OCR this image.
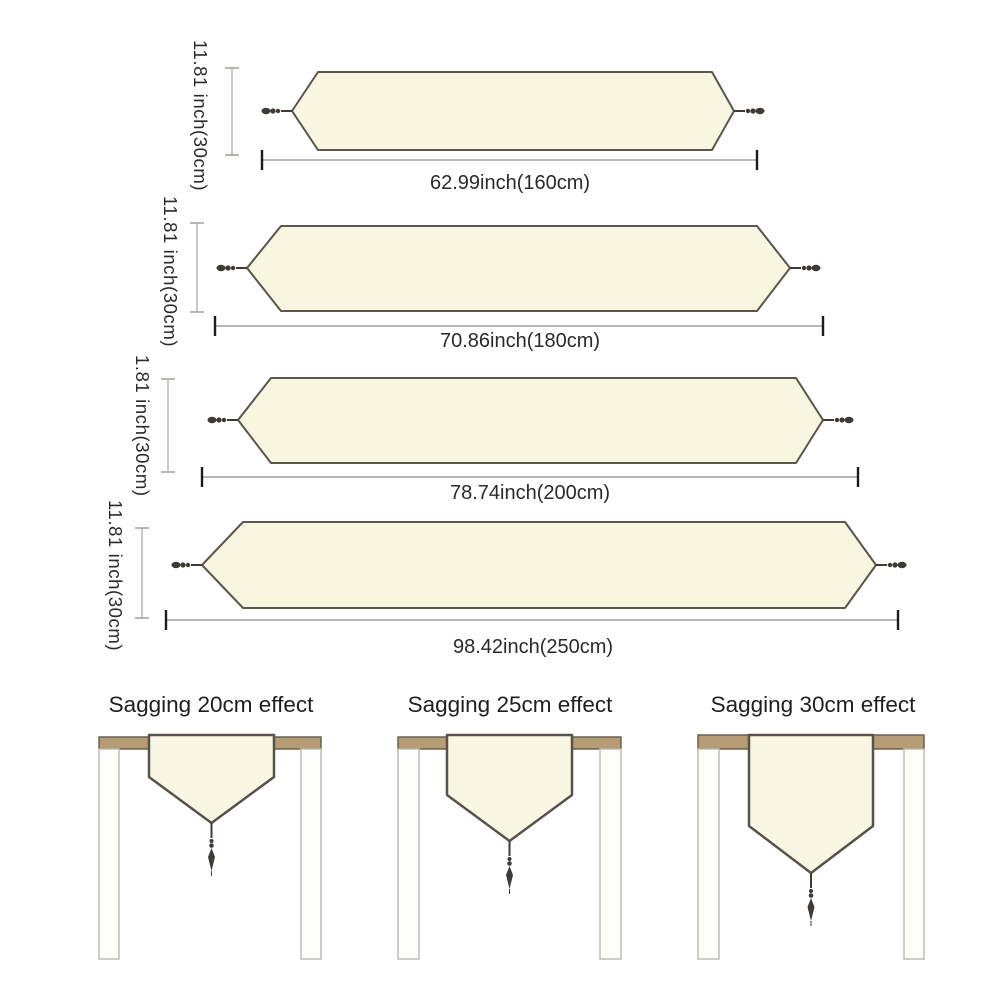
11.81 inch(30cm)	62.99inch(160cm)
11.81 inch(30cm)	70.86inch(180cm)
1.81 inch(30cm)	78.74inch(200cm)
11.81 inch(30cm)	98.42inch(250cm)
Sagging 20cm effect	Sagging 25cm effect	Sagging 30cm effect
